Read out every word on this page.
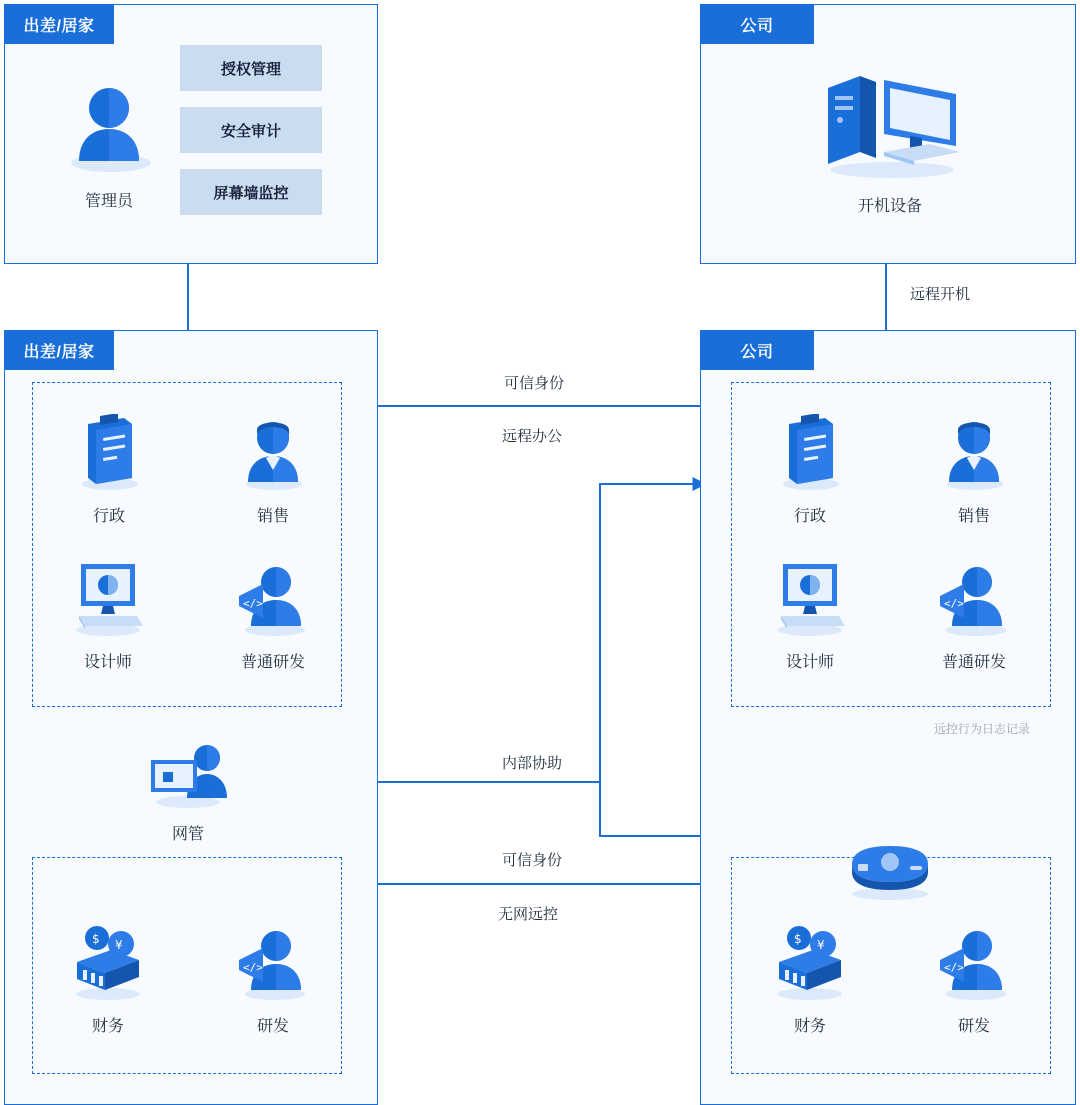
出差/居家	公司
出差/居家	公司
管理员
授权管理
安全审计
屏幕墙监控
开机设备
远程开机
可信身份
远程办公
内部协助
可信身份
无网远控
远控行为日志记录
行政	销售
设计师
</>
普通研发
网管
$ ¥
财务
</>
研发
行政	销售
设计师
</>
普通研发
$ ¥
财务
</>
研发
